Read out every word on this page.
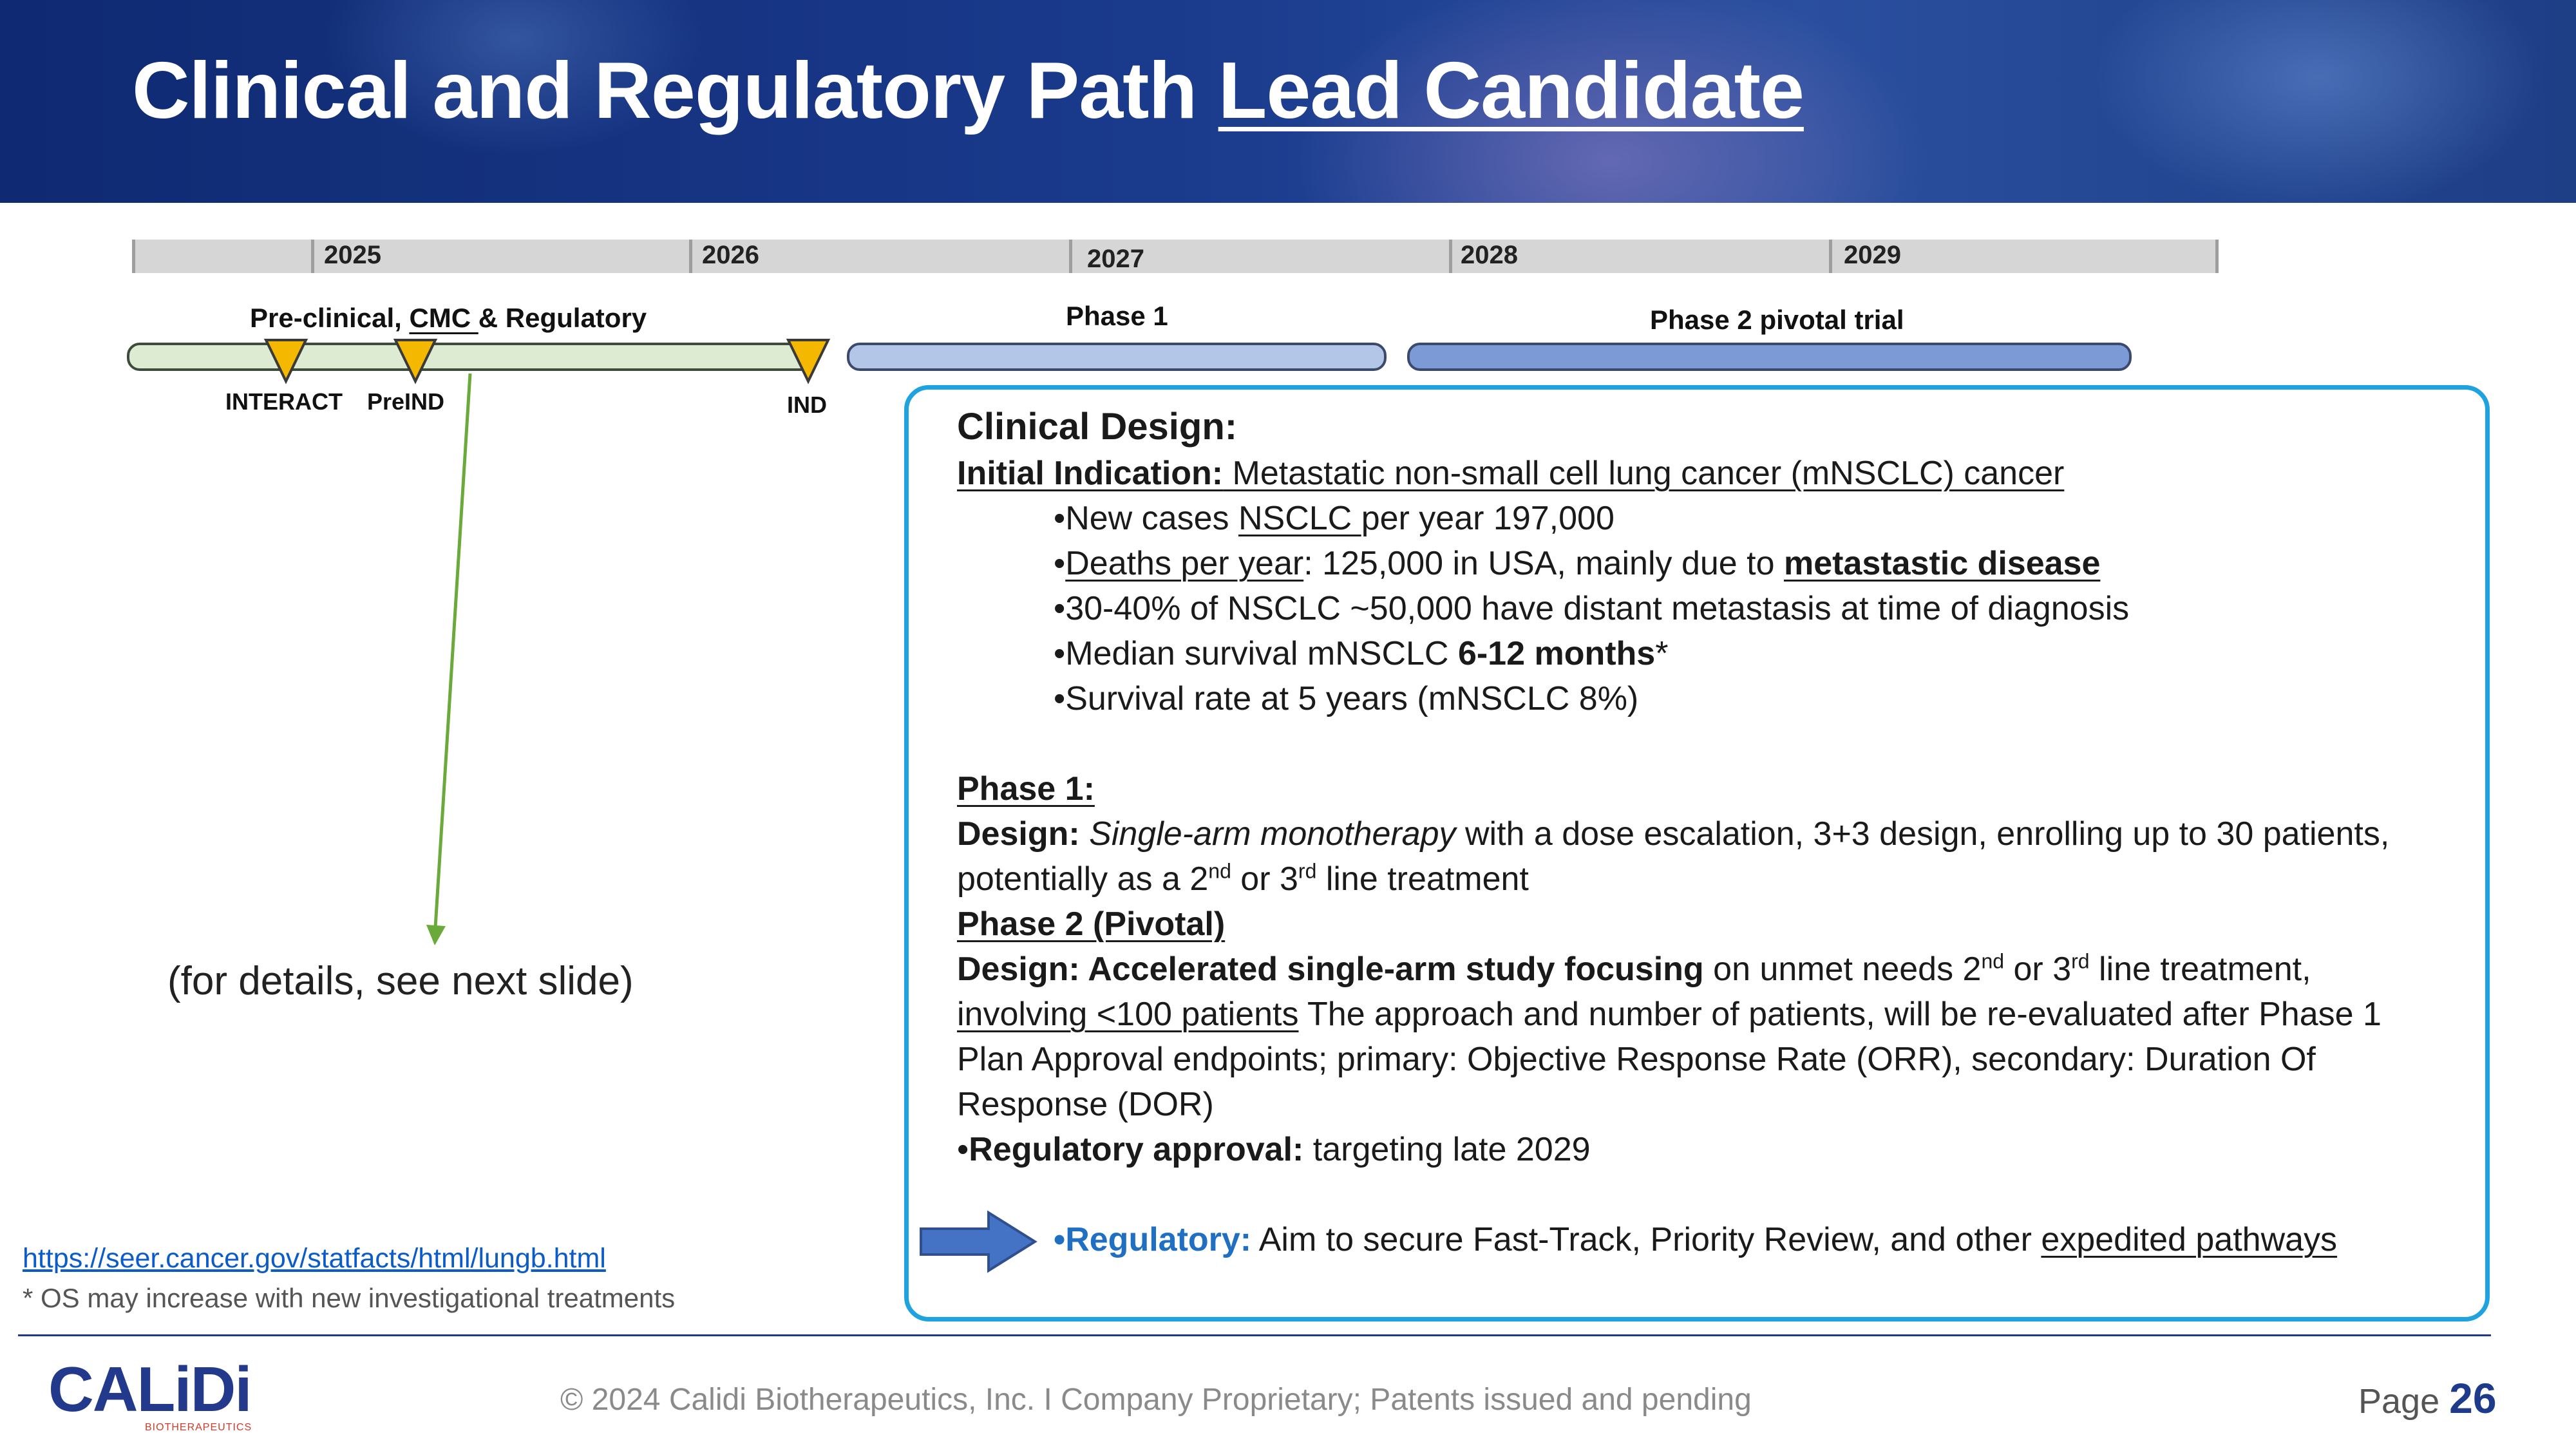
Clinical and Regulatory Path Lead Candidate
2025	2026	2027	2028	2029
Pre-clinical, CMC & Regulatory	Phase 1	Phase 2 pivotal trial
INTERACT PreIND	IND
(for details, see next slide)
Clinical Design:
Initial Indication: Metastatic non-small cell lung cancer (mNSCLC) cancer
•New cases NSCLC per year 197,000
•Deaths per year: 125,000 in USA, mainly due to metastastic disease
•30-40% of NSCLC ~50,000 have distant metastasis at time of diagnosis
•Median survival mNSCLC 6-12 months*
•Survival rate at 5 years (mNSCLC 8%)
Phase 1:
Design: Single-arm monotherapy with a dose escalation, 3+3 design, enrolling up to 30 patients,
potentially as a 2nd or 3rd line treatment
Phase 2 (Pivotal)
Design: Accelerated single-arm study focusing on unmet needs 2nd or 3rd line treatment,
involving <100 patients The approach and number of patients, will be re-evaluated after Phase 1
Plan Approval endpoints; primary: Objective Response Rate (ORR), secondary: Duration Of
Response (DOR)
•Regulatory approval: targeting late 2029
•Regulatory: Aim to secure Fast-Track, Priority Review, and other expedited pathways
https://seer.cancer.gov/statfacts/html/lungb.html
* OS may increase with new investigational treatments
CALiDi
BIOTHERAPEUTICS
© 2024 Calidi Biotherapeutics, Inc. I Company Proprietary; Patents issued and pending	Page 26
